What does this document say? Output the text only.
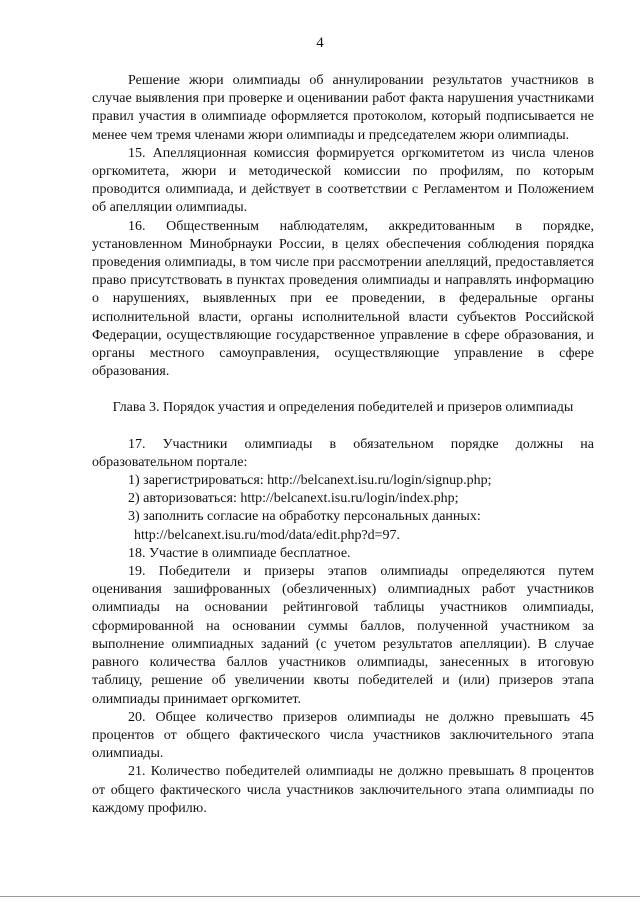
4

Решение жюри олимпиады об аннулировании результатов участников в случае выявления при проверке и оценивании работ факта нарушения участниками правил участия в олимпиаде оформляется протоколом, который подписывается не менее чем тремя членами жюри олимпиады и председателем жюри олимпиады.

15. Апелляционная комиссия формируется оргкомитетом из числа членов оргкомитета, жюри и методической комиссии по профилям, по которым проводится олимпиада, и действует в соответствии с Регламентом и Положением об апелляции олимпиады.

16. Общественным наблюдателям, аккредитованным в порядке, установленном Минобрнауки России, в целях обеспечения соблюдения порядка проведения олимпиады, в том числе при рассмотрении апелляций, предоставляется право присутствовать в пунктах проведения олимпиады и направлять информацию о нарушениях, выявленных при ее проведении, в федеральные органы исполнительной власти, органы исполнительной власти субъектов Российской Федерации, осуществляющие государственное управление в сфере образования, и органы местного самоуправления, осуществляющие управление в сфере образования.

Глава 3. Порядок участия и определения победителей и призеров олимпиады

17. Участники олимпиады в обязательном порядке должны на образовательном портале:

1) зарегистрироваться: http://belcanext.isu.ru/login/signup.php;

2) авторизоваться: http://belcanext.isu.ru/login/index.php;

3) заполнить согласие на обработку персональных данных:

http://belcanext.isu.ru/mod/data/edit.php?d=97.

18. Участие в олимпиаде бесплатное.

19. Победители и призеры этапов олимпиады определяются путем оценивания зашифрованных (обезличенных) олимпиадных работ участников олимпиады на основании рейтинговой таблицы участников олимпиады, сформированной на основании суммы баллов, полученной участником за выполнение олимпиадных заданий (с учетом результатов апелляции). В случае равного количества баллов участников олимпиады, занесенных в итоговую таблицу, решение об увеличении квоты победителей и (или) призеров этапа олимпиады принимает оргкомитет.

20. Общее количество призеров олимпиады не должно превышать 45 процентов от общего фактического числа участников заключительного этапа олимпиады.

21. Количество победителей олимпиады не должно превышать 8 процентов от общего фактического числа участников заключительного этапа олимпиады по каждому профилю.
